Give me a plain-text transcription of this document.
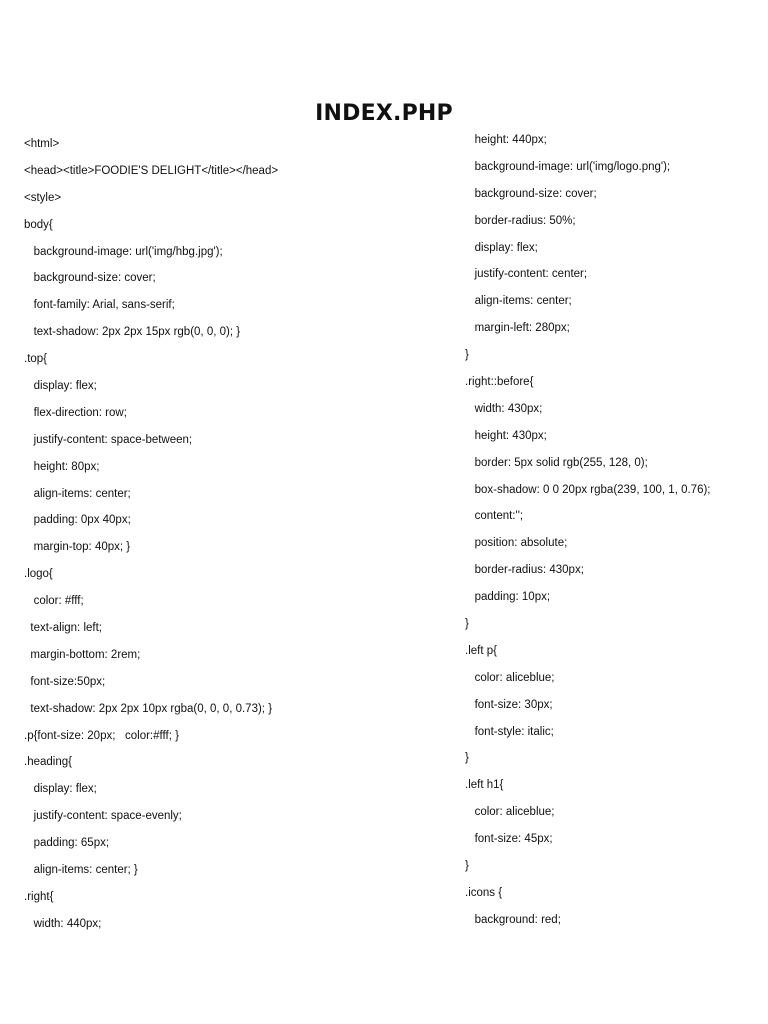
INDEX.PHP
<html>
<head><title>FOODIE'S DELIGHT</title></head>
<style>
body{
background-image: url('img/hbg.jpg');
background-size: cover;
font-family: Arial, sans-serif;
text-shadow: 2px 2px 15px rgb(0, 0, 0); }
.top{
display: flex;
flex-direction: row;
justify-content: space-between;
height: 80px;
align-items: center;
padding: 0px 40px;
margin-top: 40px; }
.logo{
color: #fff;
text-align: left;
margin-bottom: 2rem;
font-size:50px;
text-shadow: 2px 2px 10px rgba(0, 0, 0, 0.73); }
.p{font-size: 20px;   color:#fff; }
.heading{
display: flex;
justify-content: space-evenly;
padding: 65px;
align-items: center; }
.right{
width: 440px;
height: 440px;
background-image: url('img/logo.png');
background-size: cover;
border-radius: 50%;
display: flex;
justify-content: center;
align-items: center;
margin-left: 280px;
}
.right::before{
width: 430px;
height: 430px;
border: 5px solid rgb(255, 128, 0);
box-shadow: 0 0 20px rgba(239, 100, 1, 0.76);
content:'';
position: absolute;
border-radius: 430px;
padding: 10px;
}
.left p{
color: aliceblue;
font-size: 30px;
font-style: italic;
}
.left h1{
color: aliceblue;
font-size: 45px;
}
.icons {
background: red;
